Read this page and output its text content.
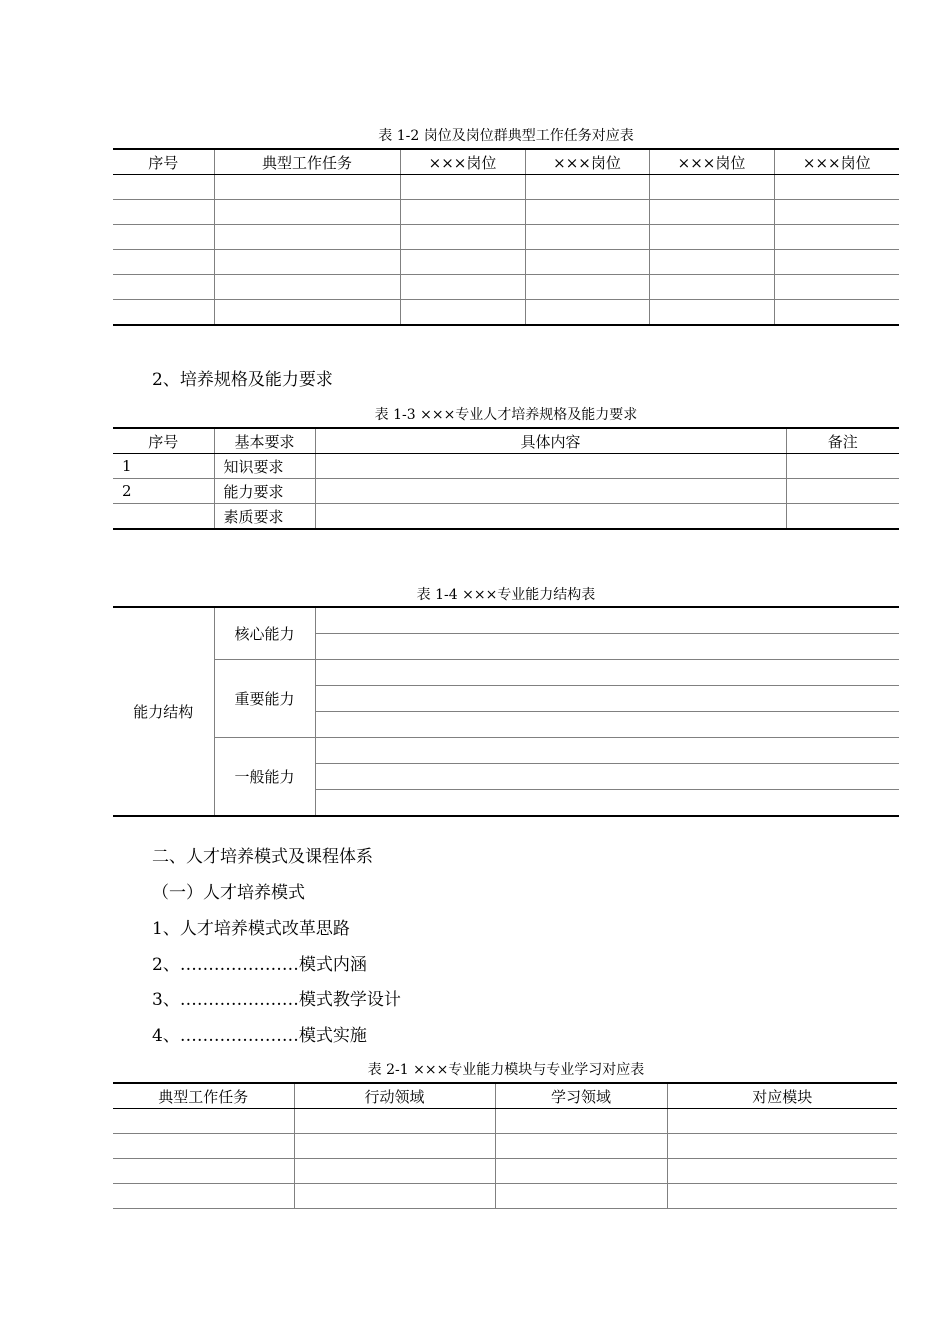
表 1-2 岗位及岗位群典型工作任务对应表
序号	典型工作任务	×××岗位	×××岗位	×××岗位	×××岗位

2、培养规格及能力要求
表 1-3 ×××专业人才培养规格及能力要求
序号	基本要求	具体内容	备注
1	知识要求		
2	能力要求		
	素质要求		
表 1-4 ×××专业能力结构表
能力结构	核心能力	

	重要能力	

	一般能力	

二、人才培养模式及课程体系
（一）人才培养模式
1、人才培养模式改革思路
2、…………………模式内涵
3、…………………模式教学设计
4、…………………模式实施
表 2-1 ×××专业能力模块与专业学习对应表
典型工作任务	行动领域	学习领域	对应模块
